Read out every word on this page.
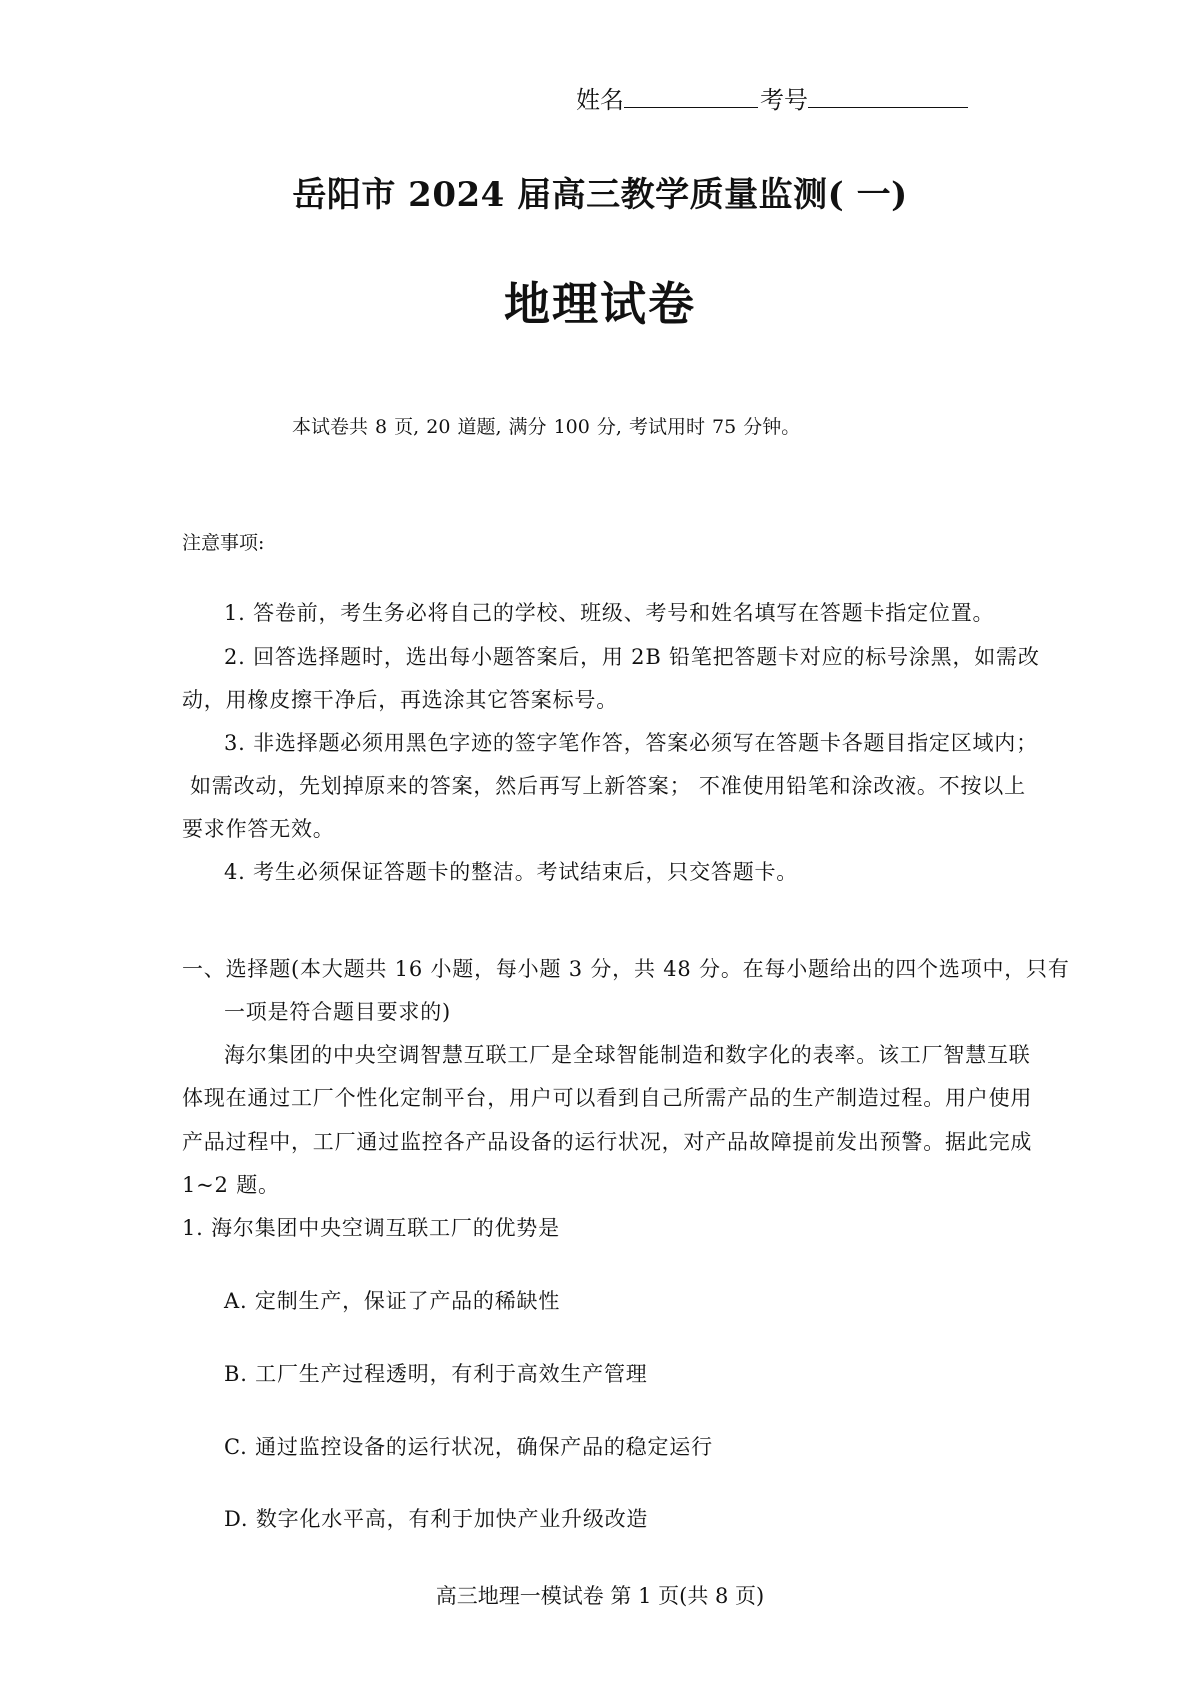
姓名	考号
岳阳市 2024 届高三教学质量监测( 一)
地理试卷
本试卷共 8 页, 20 道题, 满分 100 分, 考试用时 75 分钟。
注意事项:
1. 答卷前，考生务必将自己的学校、班级、考号和姓名填写在答题卡指定位置。
2. 回答选择题时，选出每小题答案后，用 2B 铅笔把答题卡对应的标号涂黑，如需改
动，用橡皮擦干净后，再选涂其它答案标号。
3. 非选择题必须用黑色字迹的签字笔作答，答案必须写在答题卡各题目指定区域内；
如需改动，先划掉原来的答案，然后再写上新答案； 不准使用铅笔和涂改液。不按以上
要求作答无效。
4. 考生必须保证答题卡的整洁。考试结束后，只交答题卡。
一、选择题(本大题共 16 小题，每小题 3 分，共 48 分。在每小题给出的四个选项中，只有
一项是符合题目要求的)
海尔集团的中央空调智慧互联工厂是全球智能制造和数字化的表率。该工厂智慧互联
体现在通过工厂个性化定制平台，用户可以看到自己所需产品的生产制造过程。用户使用
产品过程中，工厂通过监控各产品设备的运行状况，对产品故障提前发出预警。据此完成
1~2 题。
1. 海尔集团中央空调互联工厂的优势是
A. 定制生产，保证了产品的稀缺性
B. 工厂生产过程透明，有利于高效生产管理
C. 通过监控设备的运行状况，确保产品的稳定运行
D. 数字化水平高，有利于加快产业升级改造
高三地理一模试卷 第 1 页(共 8 页)
